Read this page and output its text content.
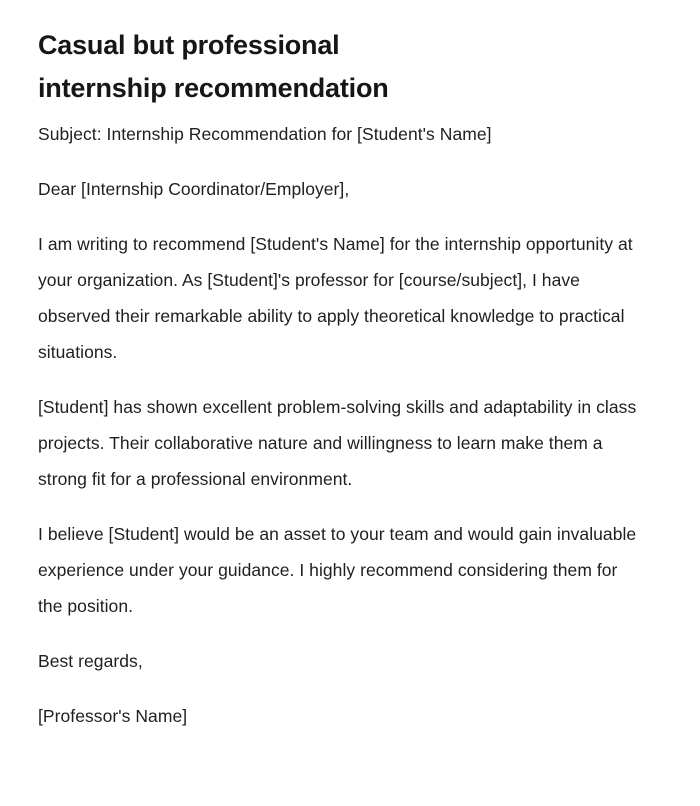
Casual but professional internship recommendation

Subject: Internship Recommendation for [Student's Name]

Dear [Internship Coordinator/Employer],

I am writing to recommend [Student's Name] for the internship opportunity at your organization. As [Student]'s professor for [course/subject], I have observed their remarkable ability to apply theoretical knowledge to practical situations.

[Student] has shown excellent problem-solving skills and adaptability in class projects. Their collaborative nature and willingness to learn make them a strong fit for a professional environment.

I believe [Student] would be an asset to your team and would gain invaluable experience under your guidance. I highly recommend considering them for the position.

Best regards,

[Professor's Name]
